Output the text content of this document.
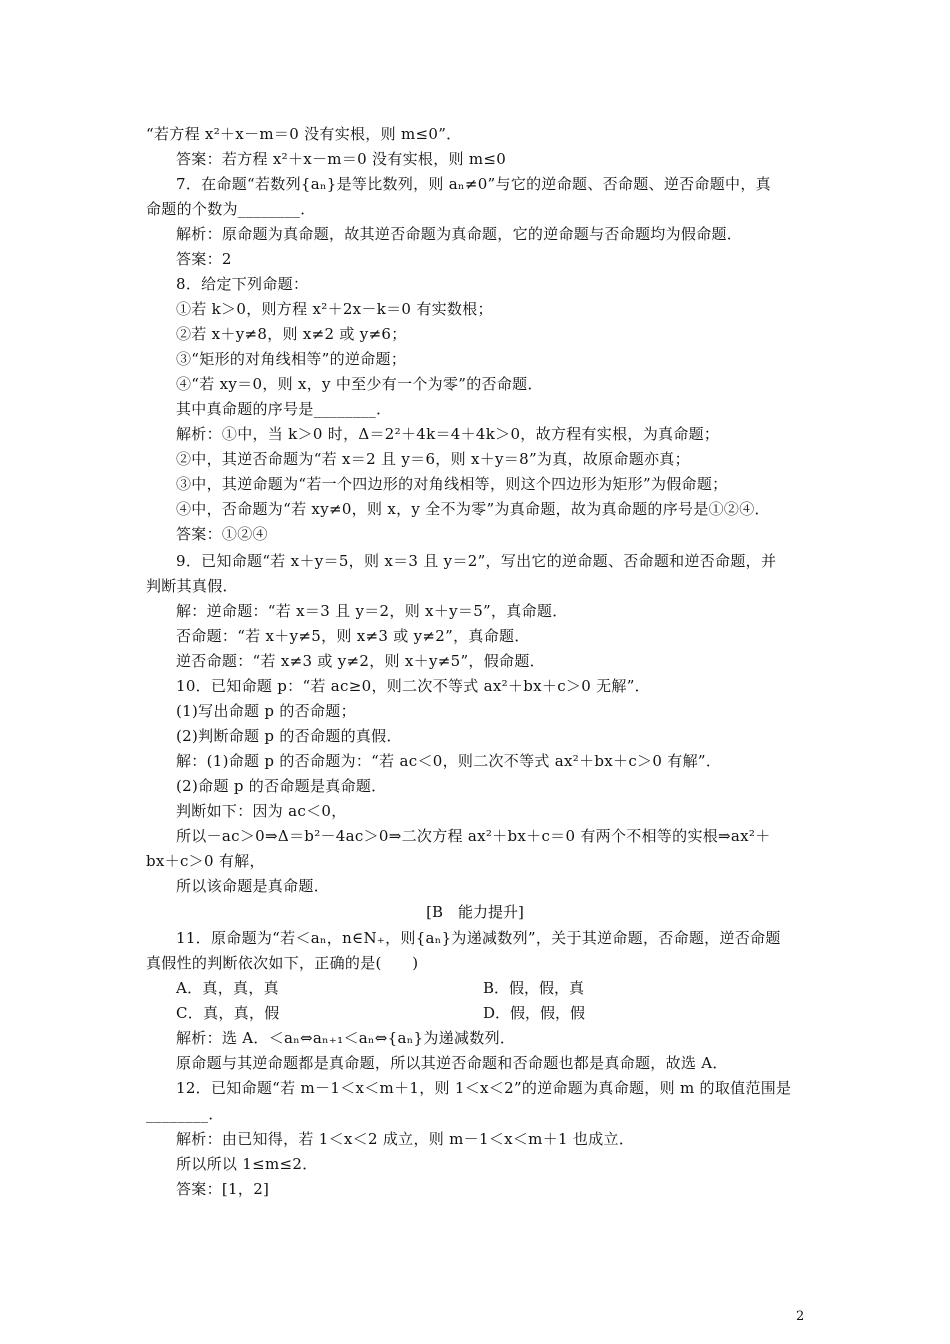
“若方程 x²＋x－m＝0 没有实根，则 m≤0”．
答案：若方程 x²＋x－m＝0 没有实根，则 m≤0
7．在命题“若数列{aₙ}是等比数列，则 aₙ≠0”与它的逆命题、否命题、逆否命题中，真
命题的个数为________．
解析：原命题为真命题，故其逆否命题为真命题，它的逆命题与否命题均为假命题．
答案：2
8．给定下列命题：
①若 k＞0，则方程 x²＋2x－k＝0 有实数根；
②若 x＋y≠8，则 x≠2 或 y≠6；
③“矩形的对角线相等”的逆命题；
④“若 xy＝0，则 x，y 中至少有一个为零”的否命题．
其中真命题的序号是________．
解析：①中，当 k＞0 时，Δ＝2²＋4k＝4＋4k＞0，故方程有实根，为真命题；
②中，其逆否命题为“若 x＝2 且 y＝6，则 x＋y＝8”为真，故原命题亦真；
③中，其逆命题为“若一个四边形的对角线相等，则这个四边形为矩形”为假命题；
④中，否命题为“若 xy≠0，则 x，y 全不为零”为真命题，故为真命题的序号是①②④．
答案：①②④
9．已知命题“若 x＋y＝5，则 x＝3 且 y＝2”，写出它的逆命题、否命题和逆否命题，并
判断其真假．
解：逆命题：“若 x＝3 且 y＝2，则 x＋y＝5”，真命题．
否命题：“若 x＋y≠5，则 x≠3 或 y≠2”，真命题．
逆否命题：“若 x≠3 或 y≠2，则 x＋y≠5”，假命题．
10．已知命题 p：“若 ac≥0，则二次不等式 ax²＋bx＋c＞0 无解”．
(1)写出命题 p 的否命题；
(2)判断命题 p 的否命题的真假．
解：(1)命题 p 的否命题为：“若 ac＜0，则二次不等式 ax²＋bx＋c＞0 有解”．
(2)命题 p 的否命题是真命题．
判断如下：因为 ac＜0，
所以－ac＞0⇒Δ＝b²－4ac＞0⇒二次方程 ax²＋bx＋c＝0 有两个不相等的实根⇒ax²＋
bx＋c＞0 有解，
所以该命题是真命题．
[B　能力提升]
11．原命题为“若＜aₙ，n∈N₊，则{aₙ}为递减数列”，关于其逆命题，否命题，逆否命题
真假性的判断依次如下，正确的是(　　)
A．真，真，真	B．假，假，真
C．真，真，假	D．假，假，假
解析：选 A．＜aₙ⇔aₙ₊₁＜aₙ⇔{aₙ}为递减数列．
原命题与其逆命题都是真命题，所以其逆否命题和否命题也都是真命题，故选 A．
12．已知命题“若 m－1＜x＜m＋1，则 1＜x＜2”的逆命题为真命题，则 m 的取值范围是
________．
解析：由已知得，若 1＜x＜2 成立，则 m－1＜x＜m＋1 也成立．
所以所以 1≤m≤2．
答案：[1，2]
2
